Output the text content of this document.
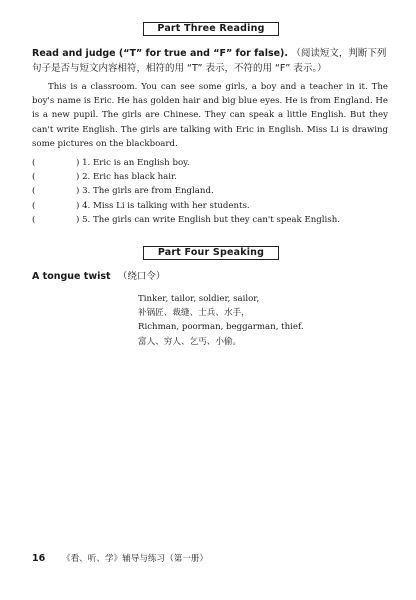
Part Three Reading
Read and judge (“T” for true and “F” for false). （阅读短文，判断下列句子是否与短文内容相符，相符的用 “T” 表示，不符的用 “F” 表示。）
This is a classroom. You can see some girls, a boy and a teacher in it. The boy's name is Eric. He has golden hair and big blue eyes. He is from England. He is a new pupil. The girls are Chinese. They can speak a little English. But they can't write English. The girls are talking with Eric in English. Miss Li is drawing some pictures on the blackboard.
(	) 1. Eric is an English boy.
(	) 2. Eric has black hair.
(	) 3. The girls are from England.
(	) 4. Miss Li is talking with her students.
(	) 5. The girls can write English but they can't speak English.
Part Four Speaking
A tongue twist （绕口令）
Tinker, tailor, soldier, sailor,
补锅匠、裁缝、士兵、水手，
Richman, poorman, beggarman, thief.
富人、穷人、乞丐、小偷。
16 《看、听、学》辅导与练习（第一册）
